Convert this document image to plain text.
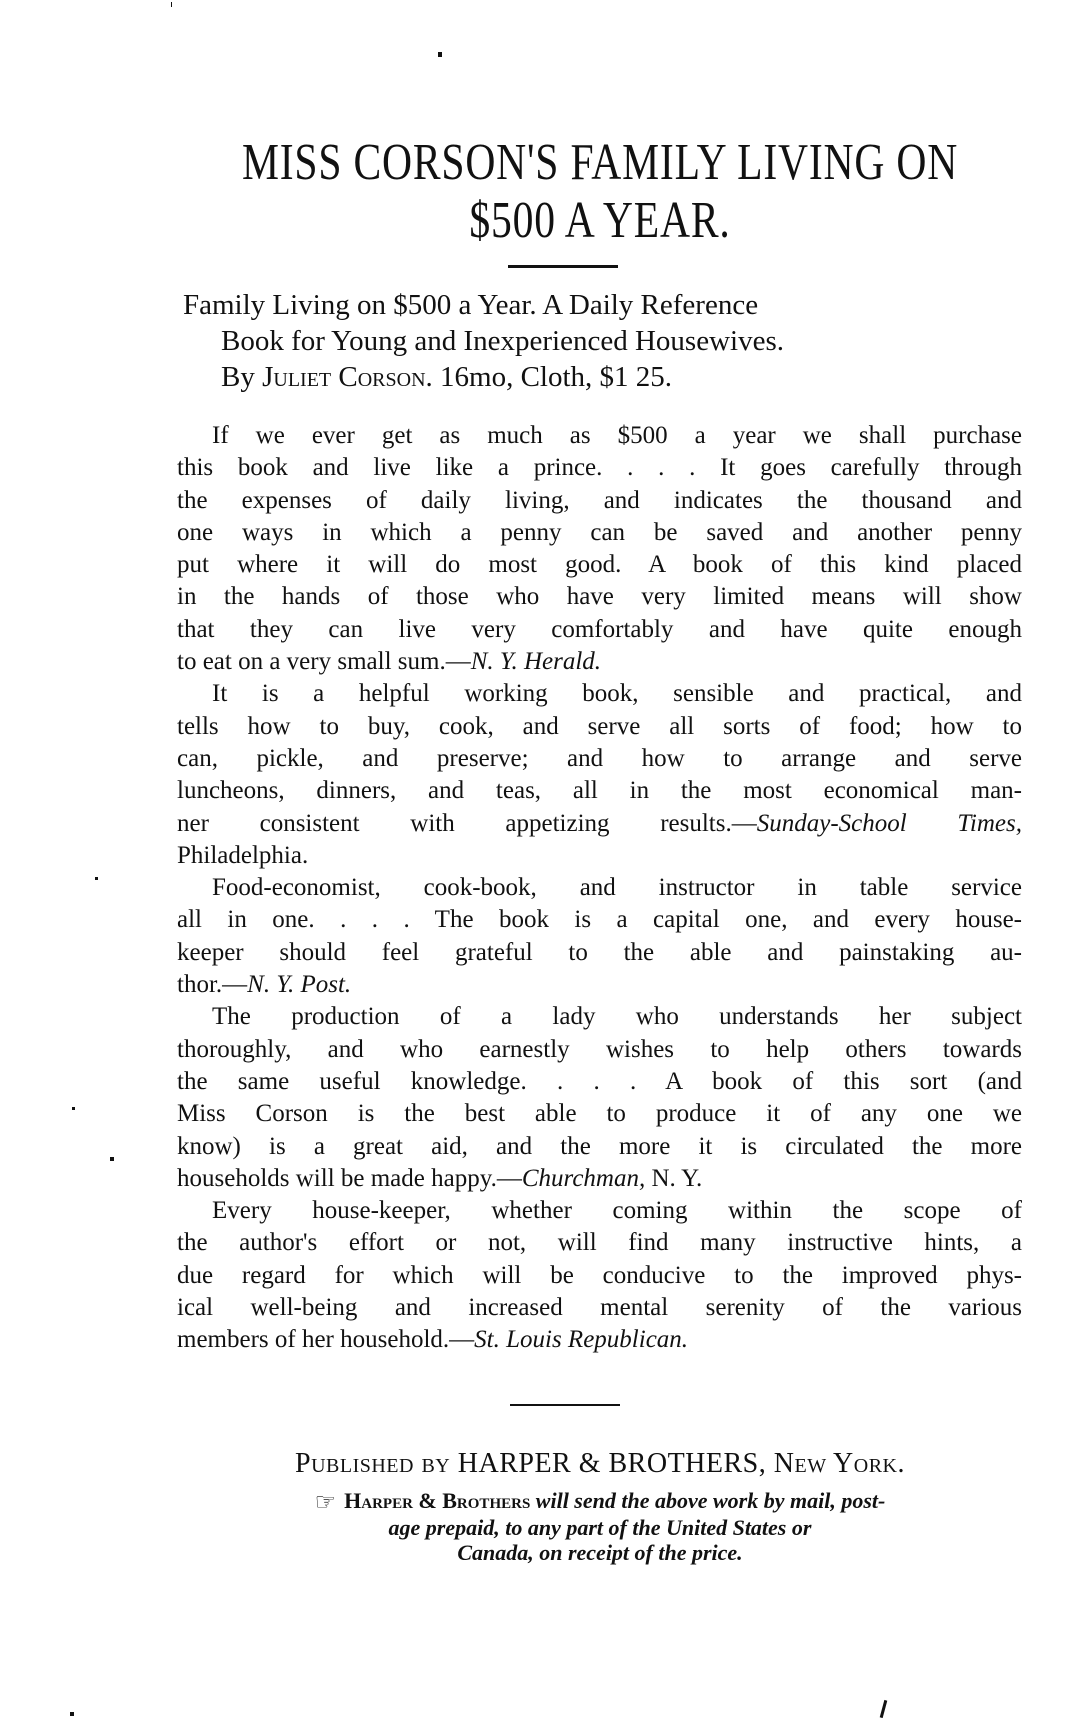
MISS CORSON'S FAMILY LIVING ON
$500 A YEAR.
Family Living on $500 a Year. A Daily Reference
Book for Young and Inexperienced Housewives.
By Juliet Corson. 16mo, Cloth, $1 25.
If we ever get as much as $500 a year we shall purchase
this book and live like a prince. . . . It goes carefully through
the expenses of daily living, and indicates the thousand and
one ways in which a penny can be saved and another penny
put where it will do most good. A book of this kind placed
in the hands of those who have very limited means will show
that they can live very comfortably and have quite enough
to eat on a very small sum.—N. Y. Herald.
It is a helpful working book, sensible and practical, and
tells how to buy, cook, and serve all sorts of food; how to
can, pickle, and preserve; and how to arrange and serve
luncheons, dinners, and teas, all in the most economical man-
ner consistent with appetizing results.—Sunday-School Times,
Philadelphia.
Food-economist, cook-book, and instructor in table service
all in one. . . . The book is a capital one, and every house-
keeper should feel grateful to the able and painstaking au-
thor.—N. Y. Post.
The production of a lady who understands her subject
thoroughly, and who earnestly wishes to help others towards
the same useful knowledge. . . . A book of this sort (and
Miss Corson is the best able to produce it of any one we
know) is a great aid, and the more it is circulated the more
households will be made happy.—Churchman, N. Y.
Every house-keeper, whether coming within the scope of
the author's effort or not, will find many instructive hints, a
due regard for which will be conducive to the improved phys-
ical well-being and increased mental serenity of the various
members of her household.—St. Louis Republican.
Published by HARPER & BROTHERS, New York.
☞ Harper & Brothers will send the above work by mail, post-
age prepaid, to any part of the United States or
Canada, on receipt of the price.
